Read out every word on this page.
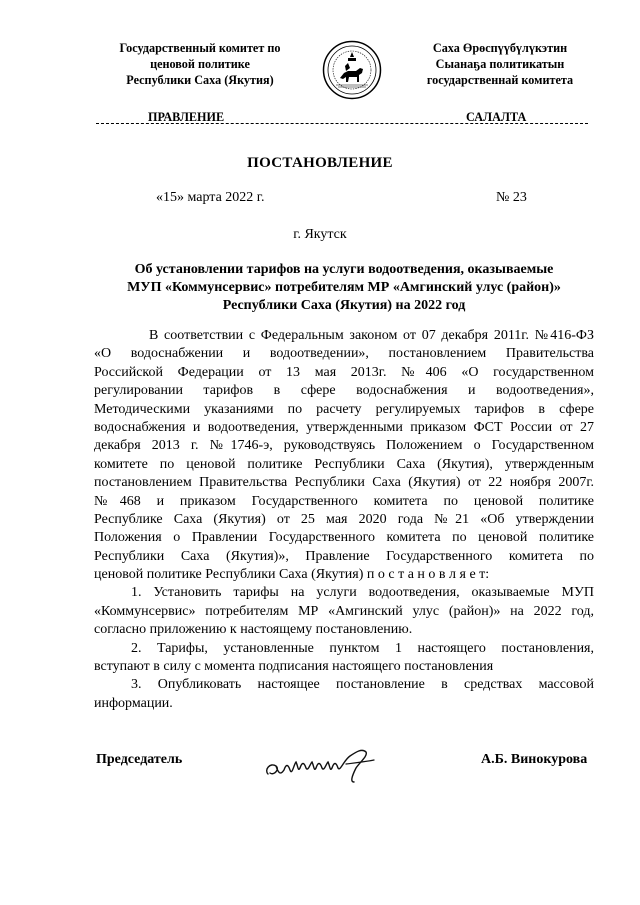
Государственный комитет по
ценовой политике
Республики Саха (Якутия)
Саха Өрөспүүбүлүкэтин
Сыанаҕа политикатын
государственнай комитета
ПРАВЛЕНИЕ	САЛАЛТА
ПОСТАНОВЛЕНИЕ
«15» марта 2022 г.	№ 23
г. Якутск
Об установлении тарифов на услуги водоотведения, оказываемые
МУП «Коммунсервис» потребителям МР «Амгинский улус (район)»
Республики Саха (Якутия) на 2022 год
В соответствии с Федеральным законом от 07 декабря 2011г. №416-ФЗ
«О водоснабжении и водоотведении», постановлением Правительства
Российской Федерации от 13 мая 2013г. №406 «О государственном
регулировании тарифов в сфере водоснабжения и водоотведения»,
Методическими указаниями по расчету регулируемых тарифов в сфере
водоснабжения и водоотведения, утвержденными приказом ФСТ России от 27
декабря 2013 г. №1746-э, руководствуясь Положением о Государственном
комитете по ценовой политике Республики Саха (Якутия), утвержденным
постановлением Правительства Республики Саха (Якутия) от 22 ноября 2007г.
№468 и приказом Государственного комитета по ценовой политике
Республике Саха (Якутия) от 25 мая 2020 года №21 «Об утверждении
Положения о Правлении Государственного комитета по ценовой политике
Республики Саха (Якутия)», Правление Государственного комитета по
ценовой политике Республики Саха (Якутия) п о с т а н о в л я е т:
1. Установить тарифы на услуги водоотведения, оказываемые МУП
«Коммунсервис» потребителям МР «Амгинский улус (район)» на 2022 год,
согласно приложению к настоящему постановлению.
2. Тарифы, установленные пунктом 1 настоящего постановления,
вступают в силу с момента подписания настоящего постановления
3. Опубликовать настоящее постановление в средствах массовой
информации.
Председатель	А.Б. Винокурова
